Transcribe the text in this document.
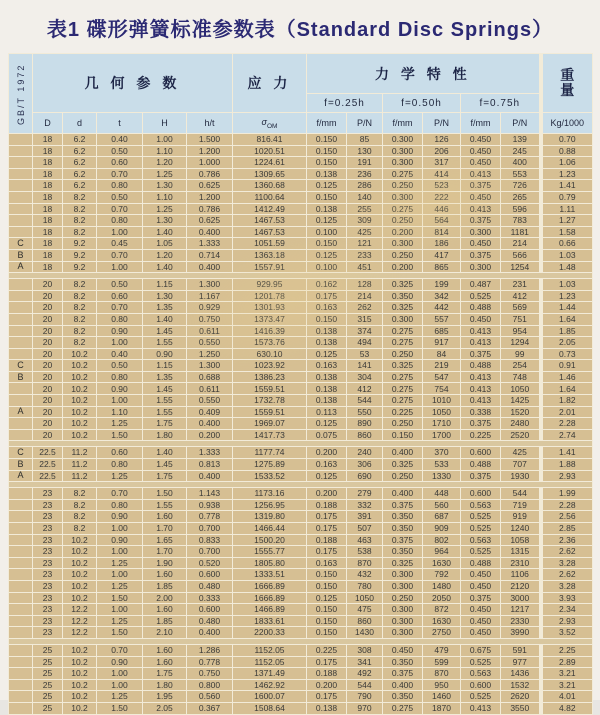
表1 碟形弹簧标准参数表（Standard Disc Springs）
GB/T 1972	几 何 参 数					应 力	力 学 特 性						重
量

							f=0.25h		f=0.50h		f=0.75h		
	D	d	t	H	h/t	$\sigma_{OM}$	f/mm	P/N	f/mm	P/N	f/mm	P/N	Kg/1000
	18	6.2	0.40	1.00	1.500	816.41	0.150	85	0.300	126	0.450	139	0.70
	18	6.2	0.50	1.10	1.200	1020.51	0.150	130	0.300	206	0.450	245	0.88
	18	6.2	0.60	1.20	1.000	1224.61	0.150	191	0.300	317	0.450	400	1.06
	18	6.2	0.70	1.25	0.786	1309.65	0.138	236	0.275	414	0.413	553	1.23
	18	6.2	0.80	1.30	0.625	1360.68	0.125	286	0.250	523	0.375	726	1.41
	18	8.2	0.50	1.10	1.200	1100.64	0.150	140	0.300	222	0.450	265	0.79
	18	8.2	0.70	1.25	0.786	1412.49	0.138	255	0.275	446	0.413	596	1.11
	18	8.2	0.80	1.30	0.625	1467.53	0.125	309	0.250	564	0.375	783	1.27
	18	8.2	1.00	1.40	0.400	1467.53	0.100	425	0.200	814	0.300	1181	1.58
C	18	9.2	0.45	1.05	1.333	1051.59	0.150	121	0.300	186	0.450	214	0.66
B	18	9.2	0.70	1.20	0.714	1363.18	0.125	233	0.250	417	0.375	566	1.03
A	18	9.2	1.00	1.40	0.400	1557.91	0.100	451	0.200	865	0.300	1254	1.48

	20	8.2	0.50	1.15	1.300	929.95	0.162	128	0.325	199	0.487	231	1.03
	20	8.2	0.60	1.30	1.167	1201.78	0.175	214	0.350	342	0.525	412	1.23
	20	8.2	0.70	1.35	0.929	1301.93	0.163	262	0.325	442	0.488	569	1.44
	20	8.2	0.80	1.40	0.750	1373.47	0.150	315	0.300	557	0.450	751	1.64
	20	8.2	0.90	1.45	0.611	1416.39	0.138	374	0.275	685	0.413	954	1.85
	20	8.2	1.00	1.55	0.550	1573.76	0.138	494	0.275	917	0.413	1294	2.05
	20	10.2	0.40	0.90	1.250	630.10	0.125	53	0.250	84	0.375	99	0.73
C	20	10.2	0.50	1.15	1.300	1023.92	0.163	141	0.325	219	0.488	254	0.91
B	20	10.2	0.80	1.35	0.688	1386.23	0.138	304	0.275	547	0.413	748	1.46
	20	10.2	0.90	1.45	0.611	1559.51	0.138	412	0.275	754	0.413	1050	1.64
	20	10.2	1.00	1.55	0.550	1732.78	0.138	544	0.275	1010	0.413	1425	1.82
A	20	10.2	1.10	1.55	0.409	1559.51	0.113	550	0.225	1050	0.338	1520	2.01
	20	10.2	1.25	1.75	0.400	1969.07	0.125	890	0.250	1710	0.375	2480	2.28
	20	10.2	1.50	1.80	0.200	1417.73	0.075	860	0.150	1700	0.225	2520	2.74

C	22.5	11.2	0.60	1.40	1.333	1177.74	0.200	240	0.400	370	0.600	425	1.41
B	22.5	11.2	0.80	1.45	0.813	1275.89	0.163	306	0.325	533	0.488	707	1.88
A	22.5	11.2	1.25	1.75	0.400	1533.52	0.125	690	0.250	1330	0.375	1930	2.93

	23	8.2	0.70	1.50	1.143	1173.16	0.200	279	0.400	448	0.600	544	1.99
	23	8.2	0.80	1.55	0.938	1256.95	0.188	332	0.375	560	0.563	719	2.28
	23	8.2	0.90	1.60	0.778	1319.80	0.175	391	0.350	687	0.525	919	2.56
	23	8.2	1.00	1.70	0.700	1466.44	0.175	507	0.350	909	0.525	1240	2.85
	23	10.2	0.90	1.65	0.833	1500.20	0.188	463	0.375	802	0.563	1058	2.36
	23	10.2	1.00	1.70	0.700	1555.77	0.175	538	0.350	964	0.525	1315	2.62
	23	10.2	1.25	1.90	0.520	1805.80	0.163	870	0.325	1630	0.488	2310	3.28
	23	10.2	1.00	1.60	0.600	1333.51	0.150	432	0.300	792	0.450	1106	2.62
	23	10.2	1.25	1.85	0.480	1666.89	0.150	780	0.300	1480	0.450	2120	3.28
	23	10.2	1.50	2.00	0.333	1666.89	0.125	1050	0.250	2050	0.375	3000	3.93
	23	12.2	1.00	1.60	0.600	1466.89	0.150	475	0.300	872	0.450	1217	2.34
	23	12.2	1.25	1.85	0.480	1833.61	0.150	860	0.300	1630	0.450	2330	2.93
	23	12.2	1.50	2.10	0.400	2200.33	0.150	1430	0.300	2750	0.450	3990	3.52

	25	10.2	0.70	1.60	1.286	1152.05	0.225	308	0.450	479	0.675	591	2.25
	25	10.2	0.90	1.60	0.778	1152.05	0.175	341	0.350	599	0.525	977	2.89
	25	10.2	1.00	1.75	0.750	1371.49	0.188	492	0.375	870	0.563	1436	3.21
	25	10.2	1.00	1.80	0.800	1462.92	0.200	544	0.400	950	0.600	1532	3.21
	25	10.2	1.25	1.95	0.560	1600.07	0.175	790	0.350	1460	0.525	2620	4.01
	25	10.2	1.50	2.05	0.367	1508.64	0.138	970	0.275	1870	0.413	3550	4.82
